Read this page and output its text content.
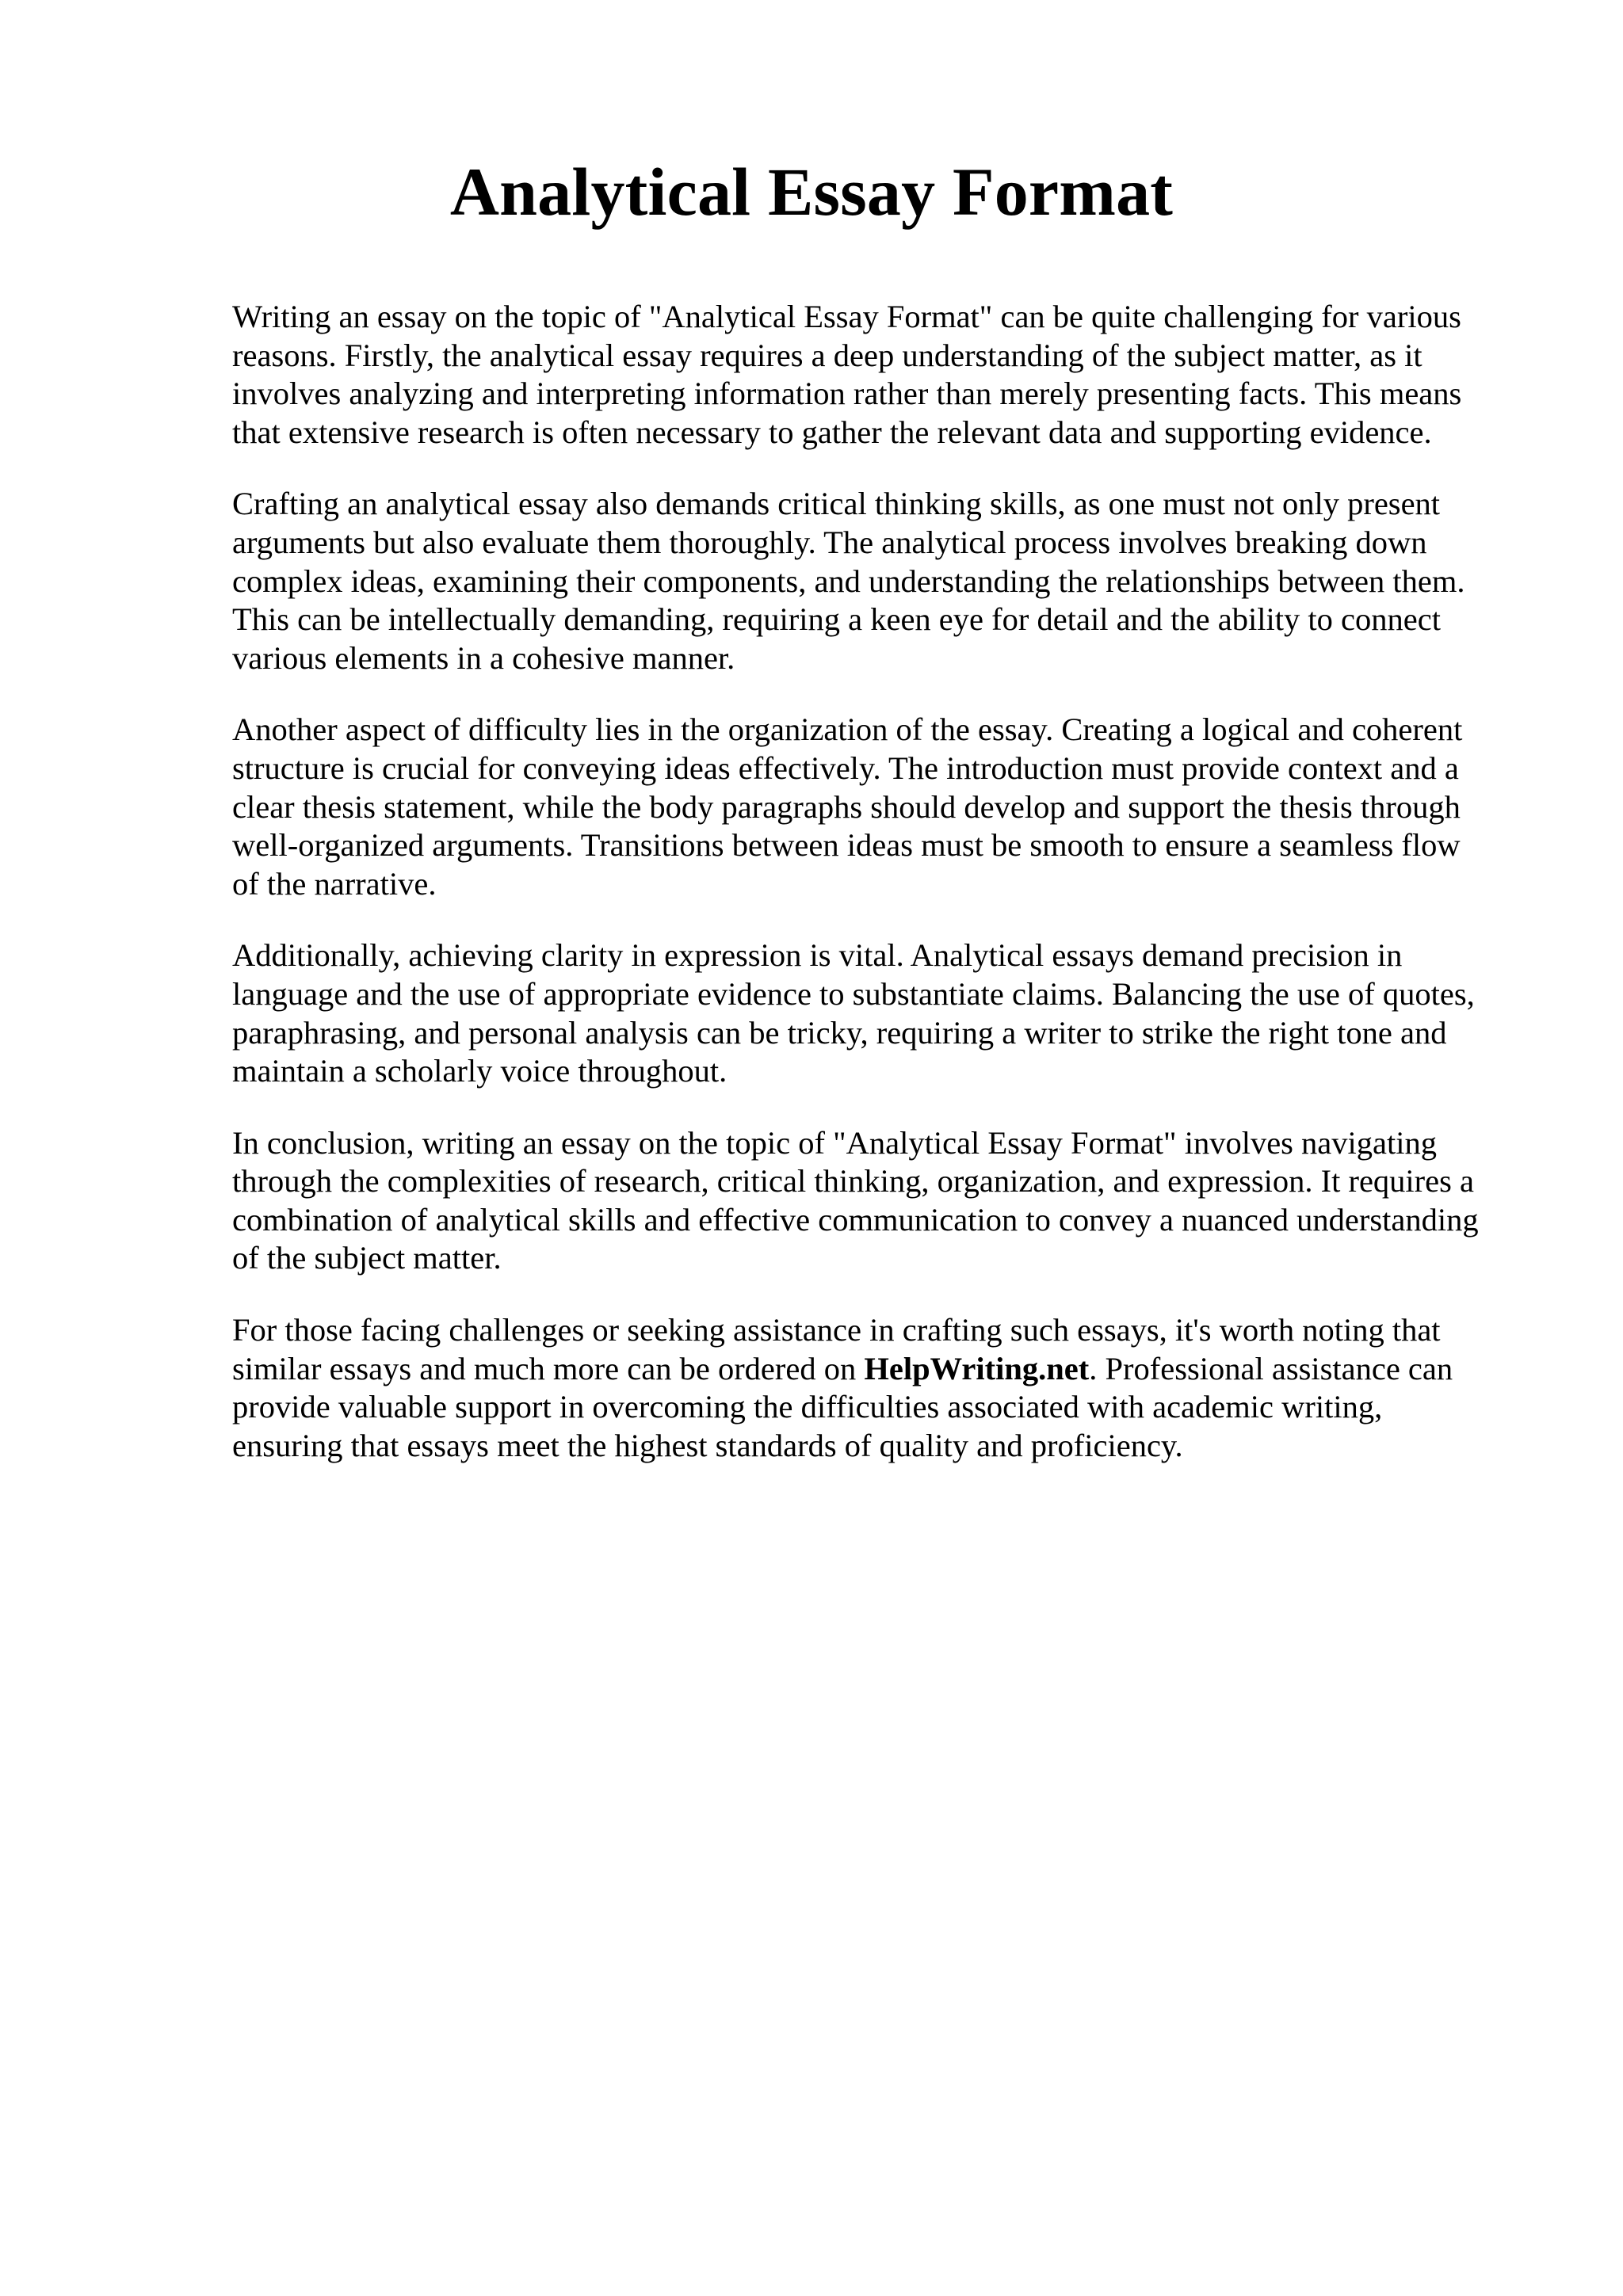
Analytical Essay Format

Writing an essay on the topic of "Analytical Essay Format" can be quite challenging for various
reasons. Firstly, the analytical essay requires a deep understanding of the subject matter, as it
involves analyzing and interpreting information rather than merely presenting facts. This means
that extensive research is often necessary to gather the relevant data and supporting evidence.

Crafting an analytical essay also demands critical thinking skills, as one must not only present
arguments but also evaluate them thoroughly. The analytical process involves breaking down
complex ideas, examining their components, and understanding the relationships between them.
This can be intellectually demanding, requiring a keen eye for detail and the ability to connect
various elements in a cohesive manner.

Another aspect of difficulty lies in the organization of the essay. Creating a logical and coherent
structure is crucial for conveying ideas effectively. The introduction must provide context and a
clear thesis statement, while the body paragraphs should develop and support the thesis through
well-organized arguments. Transitions between ideas must be smooth to ensure a seamless flow
of the narrative.

Additionally, achieving clarity in expression is vital. Analytical essays demand precision in
language and the use of appropriate evidence to substantiate claims. Balancing the use of quotes,
paraphrasing, and personal analysis can be tricky, requiring a writer to strike the right tone and
maintain a scholarly voice throughout.

In conclusion, writing an essay on the topic of "Analytical Essay Format" involves navigating
through the complexities of research, critical thinking, organization, and expression. It requires a
combination of analytical skills and effective communication to convey a nuanced understanding
of the subject matter.

For those facing challenges or seeking assistance in crafting such essays, it's worth noting that
similar essays and much more can be ordered on HelpWriting.net. Professional assistance can
provide valuable support in overcoming the difficulties associated with academic writing,
ensuring that essays meet the highest standards of quality and proficiency.
